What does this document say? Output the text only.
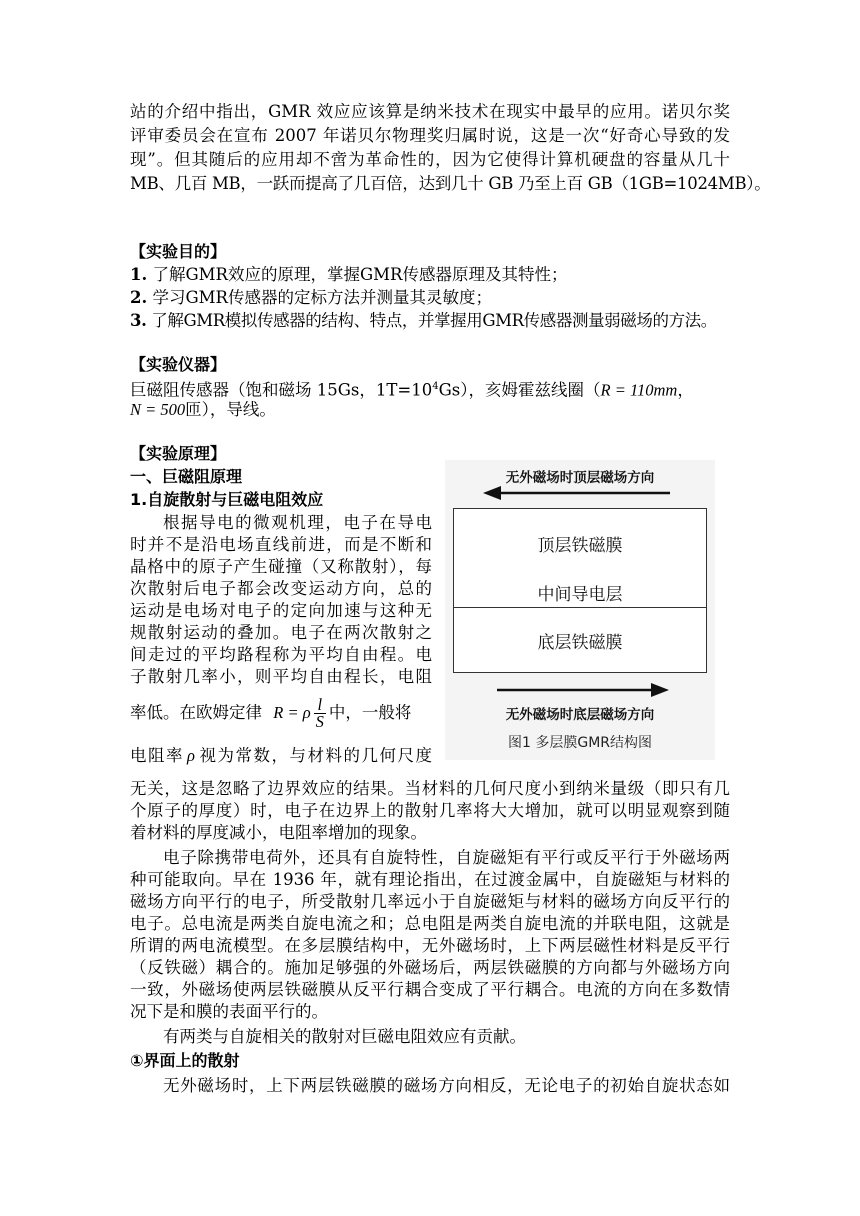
站的介绍中指出，GMR 效应应该算是纳米技术在现实中最早的应用。诺贝尔奖
评审委员会在宣布 2007 年诺贝尔物理奖归属时说，这是一次“好奇心导致的发
现”。但其随后的应用却不啻为革命性的，因为它使得计算机硬盘的容量从几十
MB、几百 MB，一跃而提高了几百倍，达到几十 GB 乃至上百 GB（1GB=1024MB）。
【实验目的】
1. 了解GMR效应的原理，掌握GMR传感器原理及其特性；
2. 学习GMR传感器的定标方法并测量其灵敏度；
3. 了解GMR模拟传感器的结构、特点，并掌握用GMR传感器测量弱磁场的方法。
【实验仪器】
巨磁阻传感器（饱和磁场 15Gs，$1T=10^4Gs$），亥姆霍兹线圈（R = 110mm，
N = 500匝），导线。
【实验原理】
一、巨磁阻原理
1.自旋散射与巨磁电阻效应
根据导电的微观机理，电子在导电
时并不是沿电场直线前进，而是不断和
晶格中的原子产生碰撞（又称散射），每
次散射后电子都会改变运动方向，总的
运动是电场对电子的定向加速与这种无
规散射运动的叠加。电子在两次散射之
间走过的平均路程称为平均自由程。电
子散射几率小，则平均自由程长，电阻
率低。在欧姆定律 R = ρ $\frac{l}{S}$ 中，一般将
电阻率 ρ 视为常数，与材料的几何尺度
无关，这是忽略了边界效应的结果。当材料的几何尺度小到纳米量级（即只有几
个原子的厚度）时，电子在边界上的散射几率将大大增加，就可以明显观察到随
着材料的厚度减小，电阻率增加的现象。
电子除携带电荷外，还具有自旋特性，自旋磁矩有平行或反平行于外磁场两
种可能取向。早在 1936 年，就有理论指出，在过渡金属中，自旋磁矩与材料的
磁场方向平行的电子，所受散射几率远小于自旋磁矩与材料的磁场方向反平行的
电子。总电流是两类自旋电流之和；总电阻是两类自旋电流的并联电阻，这就是
所谓的两电流模型。在多层膜结构中，无外磁场时，上下两层磁性材料是反平行
（反铁磁）耦合的。施加足够强的外磁场后，两层铁磁膜的方向都与外磁场方向
一致，外磁场使两层铁磁膜从反平行耦合变成了平行耦合。电流的方向在多数情
况下是和膜的表面平行的。
有两类与自旋相关的散射对巨磁电阻效应有贡献。
①界面上的散射
无外磁场时，上下两层铁磁膜的磁场方向相反，无论电子的初始自旋状态如
无外磁场时顶层磁场方向
顶层铁磁膜
中间导电层
底层铁磁膜
无外磁场时底层磁场方向
图1 多层膜GMR结构图
